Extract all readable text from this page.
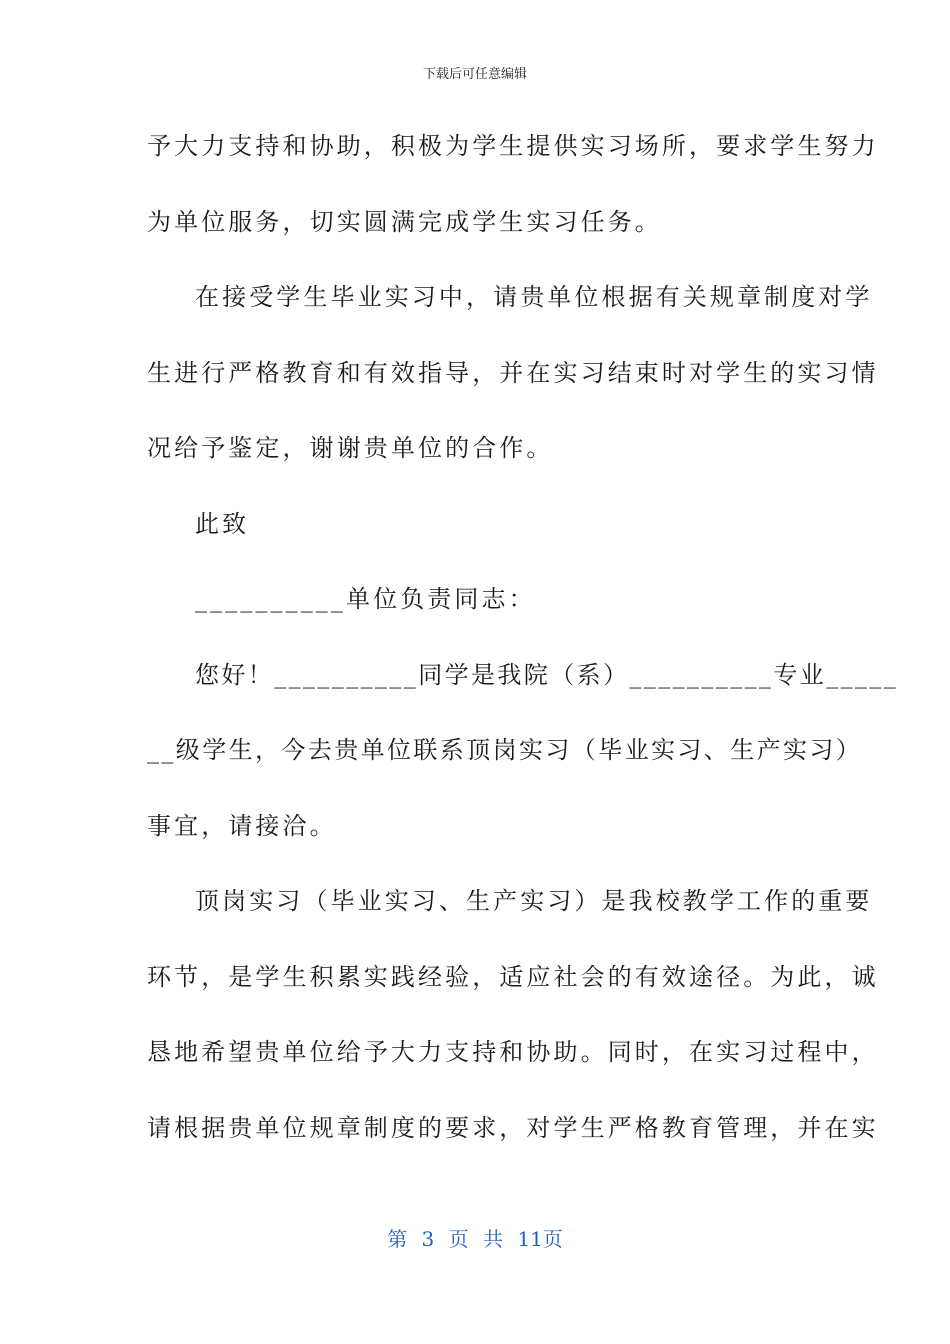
下载后可任意编辑
予大力支持和协助，积极为学生提供实习场所，要求学生努力
为单位服务，切实圆满完成学生实习任务。
在接受学生毕业实习中，请贵单位根据有关规章制度对学
生进行严格教育和有效指导，并在实习结束时对学生的实习情
况给予鉴定，谢谢贵单位的合作。
此致
__________单位负责同志：
您好！__________同学是我院（系）__________专业_____
__级学生，今去贵单位联系顶岗实习（毕业实习、生产实习）
事宜，请接洽。
顶岗实习（毕业实习、生产实习）是我校教学工作的重要
环节，是学生积累实践经验，适应社会的有效途径。为此，诚
恳地希望贵单位给予大力支持和协助。同时，在实习过程中，
请根据贵单位规章制度的要求，对学生严格教育管理，并在实
第 3 页 共 11页
